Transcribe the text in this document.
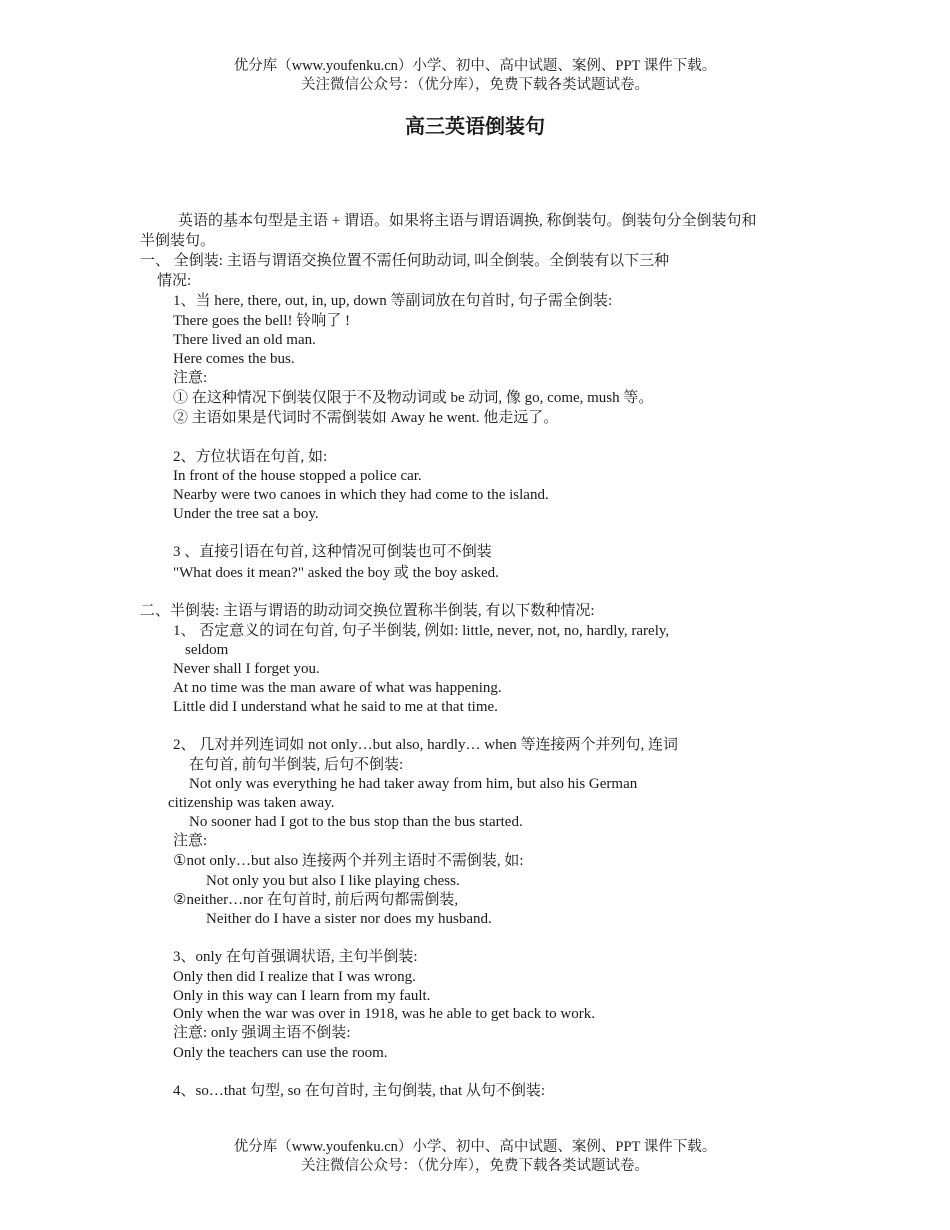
优分库（www.youfenku.cn）小学、初中、高中试题、案例、PPT 课件下载。
关注微信公众号：（优分库），免费下载各类试题试卷。
高三英语倒装句
英语的基本句型是主语 + 谓语。如果将主语与谓语调换, 称倒装句。倒装句分全倒装句和
半倒装句。
一、 全倒装: 主语与谓语交换位置不需任何助动词, 叫全倒装。全倒装有以下三种
情况:
1、当 here, there, out, in, up, down 等副词放在句首时, 句子需全倒装:
There goes the bell! 铃响了 !
There lived an old man.
Here comes the bus.
注意:
① 在这种情况下倒装仅限于不及物动词或 be 动词, 像 go, come, mush 等。
② 主语如果是代词时不需倒装如 Away he went. 他走远了。
2、方位状语在句首, 如:
In front of the house stopped a police car.
Nearby were two canoes in which they had come to the island.
Under the tree sat a boy.
3 、直接引语在句首, 这种情况可倒装也可不倒装
"What does it mean?" asked the boy 或 the boy asked.
二、半倒装: 主语与谓语的助动词交换位置称半倒装, 有以下数种情况:
1、 否定意义的词在句首, 句子半倒装, 例如: little, never, not, no, hardly, rarely,
seldom
Never shall I forget you.
At no time was the man aware of what was happening.
Little did I understand what he said to me at that time.
2、 几对并列连词如 not only…but also, hardly… when 等连接两个并列句, 连词
在句首, 前句半倒装, 后句不倒装:
Not only was everything he had taker away from him, but also his German
citizenship was taken away.
No sooner had I got to the bus stop than the bus started.
注意:
①not only…but also 连接两个并列主语时不需倒装, 如:
Not only you but also I like playing chess.
②neither…nor 在句首时, 前后两句都需倒装,
Neither do I have a sister nor does my husband.
3、only 在句首强调状语, 主句半倒装:
Only then did I realize that I was wrong.
Only in this way can I learn from my fault.
Only when the war was over in 1918, was he able to get back to work.
注意: only 强调主语不倒装:
Only the teachers can use the room.
4、so…that 句型, so 在句首时, 主句倒装, that 从句不倒装:
优分库（www.youfenku.cn）小学、初中、高中试题、案例、PPT 课件下载。
关注微信公众号：（优分库），免费下载各类试题试卷。
